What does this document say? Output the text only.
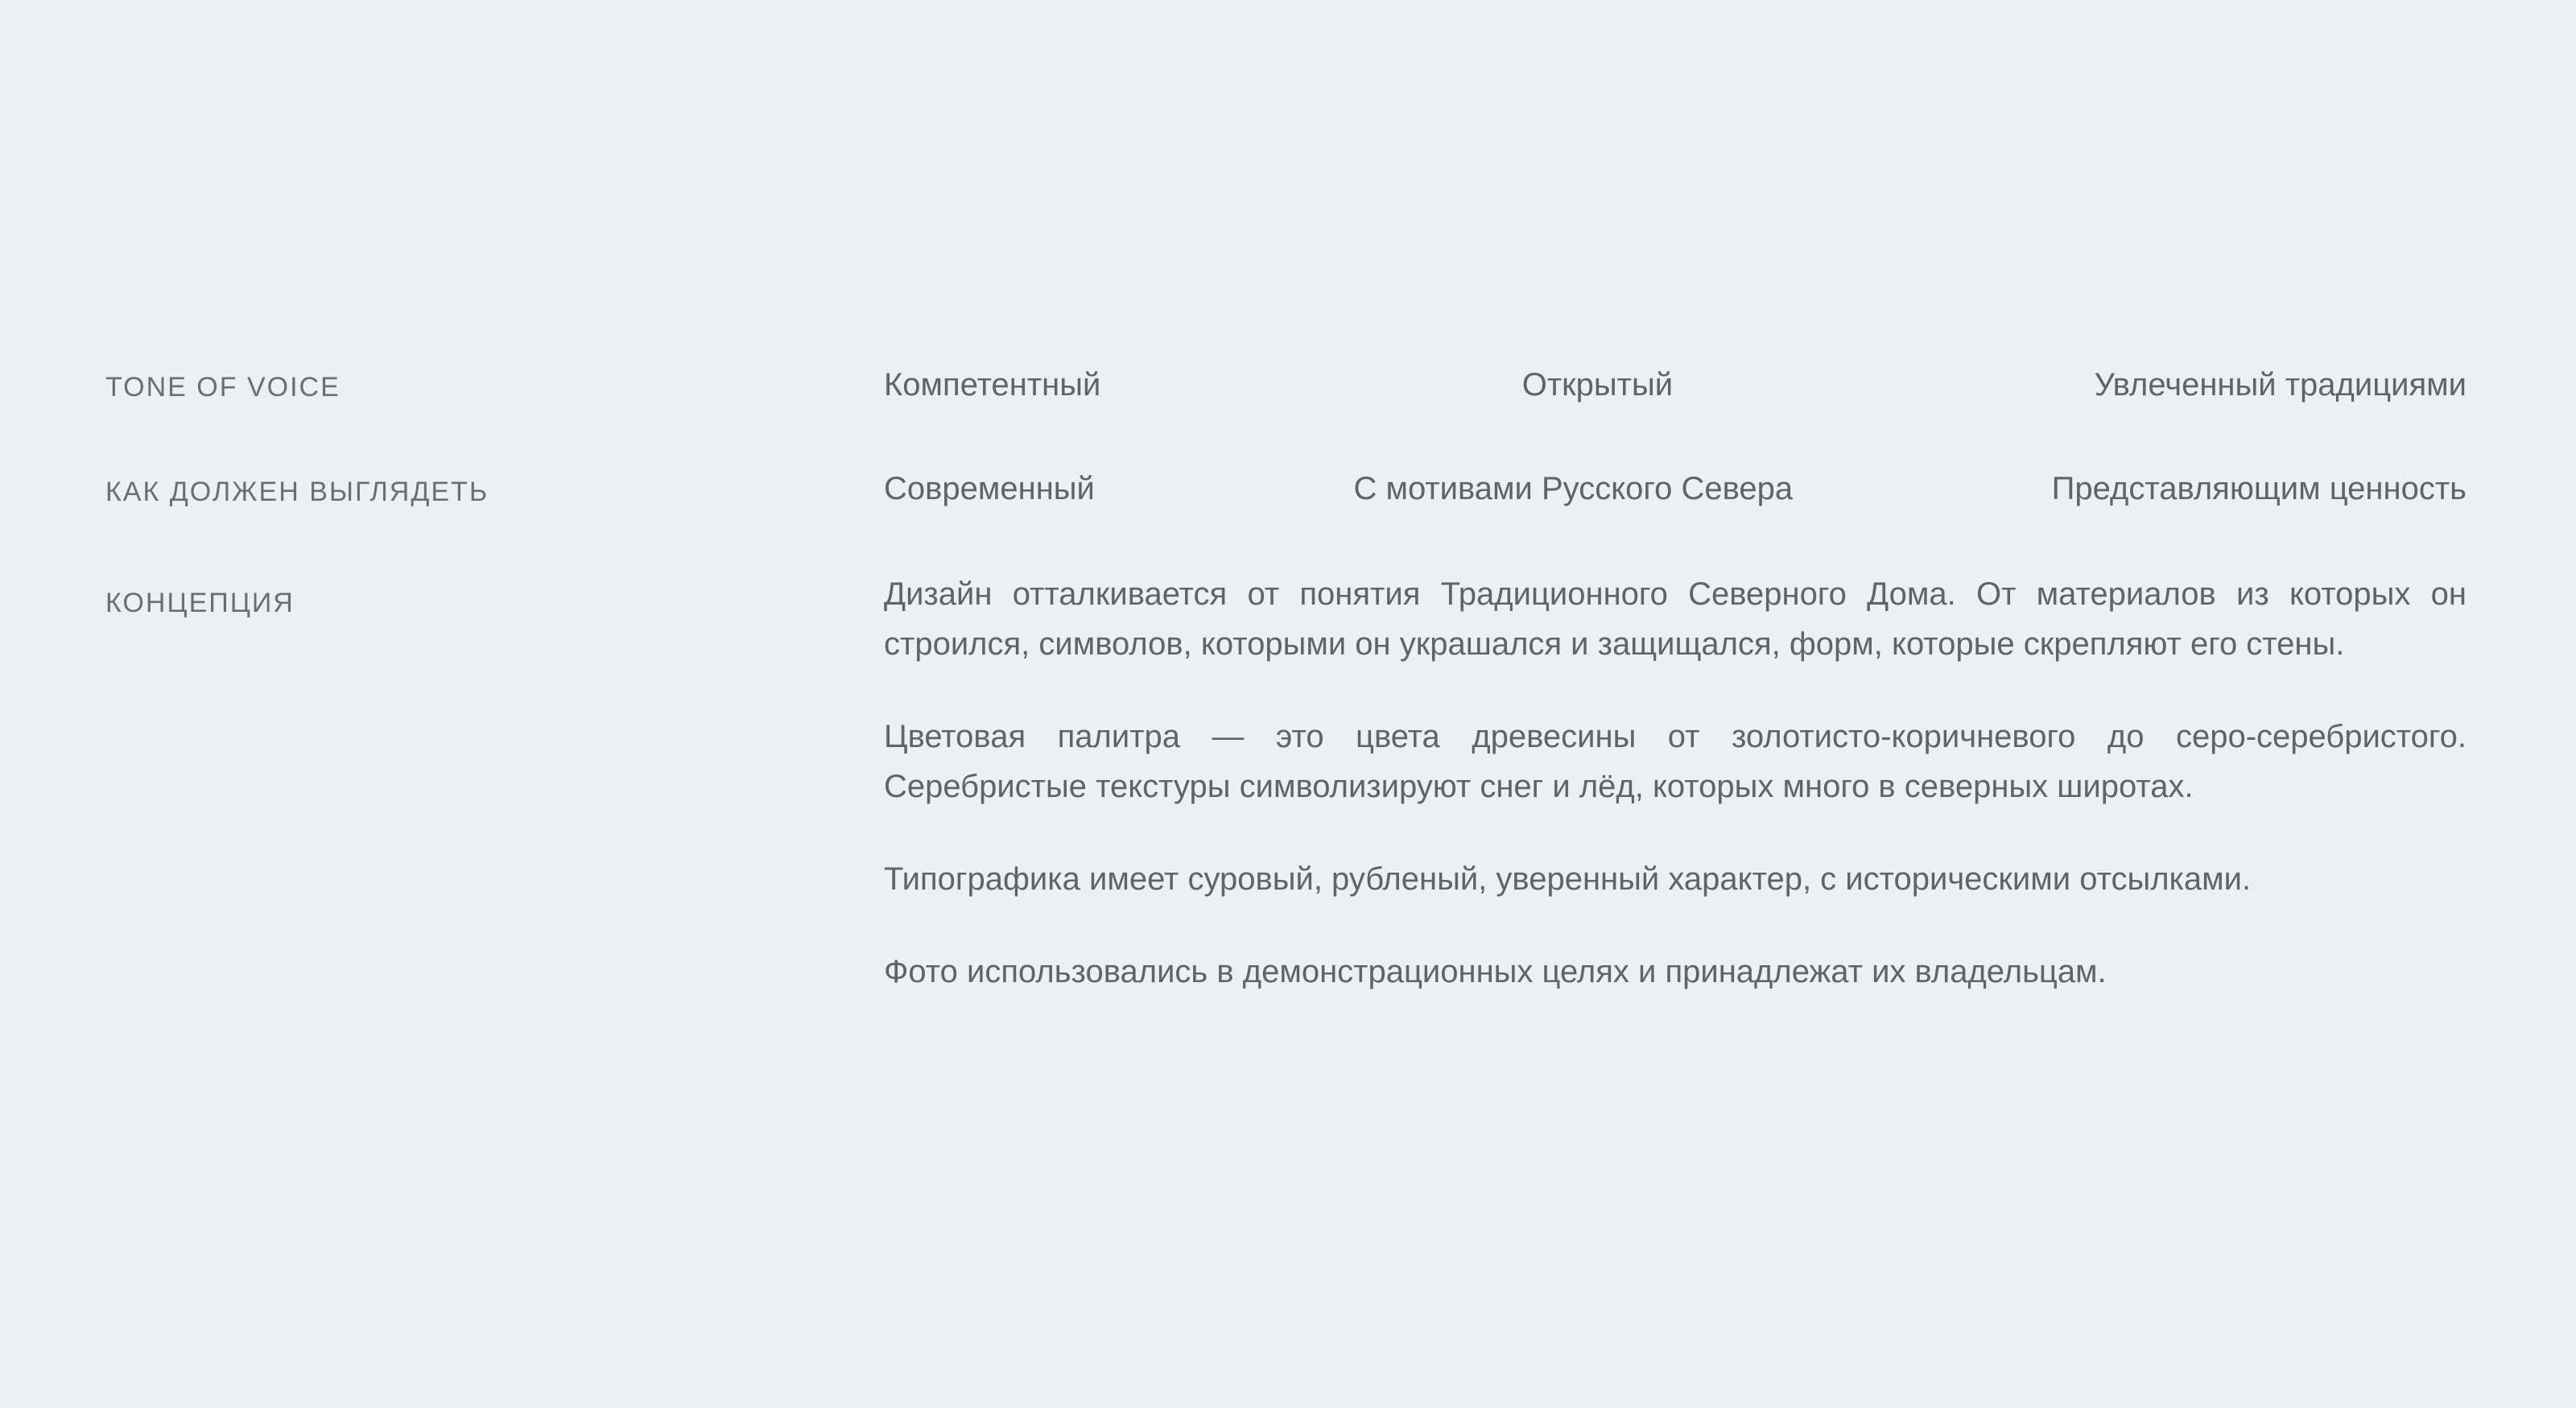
TONE OF VOICE	Компетентный	Открытый	Увлеченный традициями
КАК ДОЛЖЕН ВЫГЛЯДЕТЬ	Современный	С мотивами Русского Севера	Представляющим ценность
КОНЦЕПЦИЯ	Дизайн отталкивается от понятия Традиционного Северного Дома. От материалов из которых он строился, символов, которыми он украшался и защищался, форм, которые скрепляют его стены.

Цветовая палитра — это цвета древесины от золотисто-коричневого до серо-серебристого. Серебристые текстуры символизируют снег и лёд, которых много в северных широтах.

Типографика имеет суровый, рубленый, уверенный характер, с историческими отсылками.

Фото использовались в демонстрационных целях и принадлежат их владельцам.
